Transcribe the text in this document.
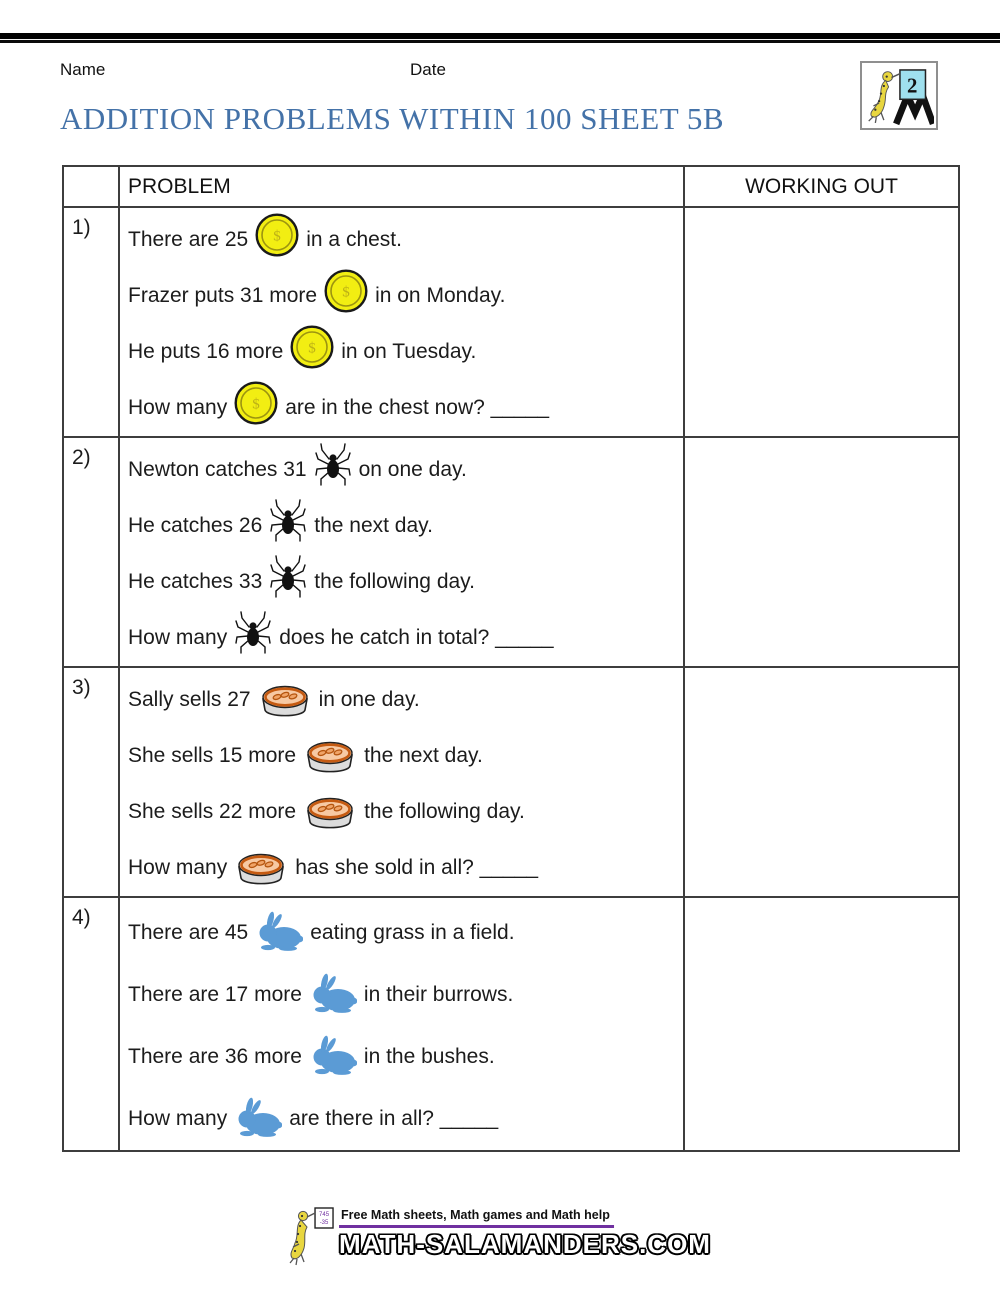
Name	Date
2
ADDITION PROBLEMS WITHIN 100 SHEET 5B
	PROBLEM	WORKING OUT
1)	
There are 25 $ in a chest.
Frazer puts 31 more $ in on Monday.
He puts 16 more $ in on Tuesday.
How many $ are in the chest now? _____

2)	
Newton catches 31 on one day.
He catches 26 the next day.
He catches 33 the following day.
How many does he catch in total? _____

3)	
Sally sells 27	in one day.
She sells 15 more	the next day.
She sells 22 more	the following day.
How many	has she sold in all? _____

4)	
There are 45	eating grass in a field.
There are 17 more	in their burrows.
There are 36 more	in the bushes.
How many	are there in all? _____

745
-35
Free Math sheets, Math games and Math help
MATH-SALAMANDERS.COM
